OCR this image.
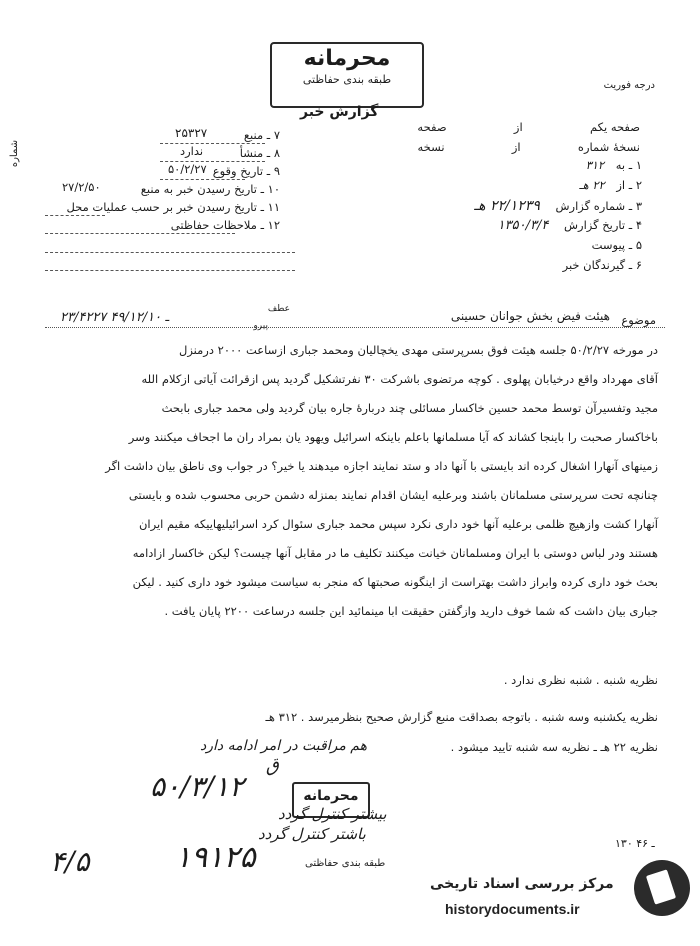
درجه فوریت
محرمانه
طبقه بندی حفاظتی
گزارش خبر
صفحه یکم  از  صفحه
نسخهٔ شماره  از  نسخه
شماره	۱ ـ به ۳۱۲
۲ ـ از ۲۲ هـ
۳ ـ شماره گزارش ۲۲/۱۲۳۹ هـ
۴ ـ تاریخ گزارش ۱۳۵۰/۳/۴
۵ ـ پیوست
۶ ـ گیرندگان خبر
۷ ـ منبع
۲۵۳۲۷
۸ ـ منشأ
ندارد
۹ ـ تاریخ وقوع
۵۰/۲/۲۷
۱۰ ـ تاریخ رسیدن خبر به منبع
۲۷/۲/۵۰
۱۱ ـ تاریخ رسیدن خبر بر حسب عملیات محل
۱۲ ـ ملاحظات حفاظتی
موضوع
هیئت فیض بخش جوانان حسینی
عطف
پیرو
۲۳/۴۲۲۷ ـ ۴۹/۱۲/۱۰
در مورخه ۵۰/۲/۲۷ جلسه هیئت فوق بسرپرستی مهدی یخچالیان ومحمد جباری ازساعت ۲۰۰۰ درمنزل
آقای مهرداد واقع درخیابان پهلوی . کوچه مرتضوی باشرکت ۳۰ نفرتشکیل گردید پس ازقرائت آیاتی ازکلام الله
مجید وتفسیرآن توسط محمد حسین خاکسار مسائلی چند دربارهٔ جاره بیان گردید ولی محمد جباری بابحث
باخاکسار صحبت را باینجا کشاند که آیا مسلمانها باعلم باینکه اسرائیل ویهود یان بمراد ران ما اجحاف میکنند وسر
زمینهای آنهارا اشغال کرده اند بایستی با آنها داد و ستد نمایند اجازه میدهند یا خیر؟ در جواب وی ناطق بیان داشت اگر
چنانچه تحت سرپرستی مسلمانان باشند وبرعلیه ایشان اقدام نمایند بمنزله دشمن حربی محسوب شده و بایستی
آنهارا کشت وازهیچ ظلمی برعلیه آنها خود داری نکرد سپس محمد جباری سئوال کرد اسرائیلیهاییکه مقیم ایران
هستند ودر لباس دوستی با ایران ومسلمانان خیانت میکنند تکلیف ما در مقابل آنها چیست؟ لیکن خاکسار ازادامه
بحث خود داری کرده وابراز داشت بهتراست از اینگونه صحبتها که منجر به سیاست میشود خود داری کنید . لیکن
جباری بیان داشت که شما خوف دارید وازگفتن حقیقت ابا مینمائید این جلسه درساعت ۲۲۰۰ پایان یافت .
نظریه شنبه . شنبه نظری ندارد .
نظریه یکشنبه وسه شنبه . باتوجه بصداقت منبع گزارش صحیح بنظرمیرسد . ۳۱۲ هـ
نظریه ۲۲ هـ ـ نظریه سه شنبه تایید میشود .
هم مراقبت در امر ادامه دارد
۵۰/۳/۱۲
۱۹۱۲۵
۴/۵
ق
محرمانه
بیشتر کنترل گردد
باشتر کنترل گردد
طبقه بندی حفاظتی
۱۳۰ ـ ۴۶
مرکز بررسی اسناد تاریخی
historydocuments.ir
